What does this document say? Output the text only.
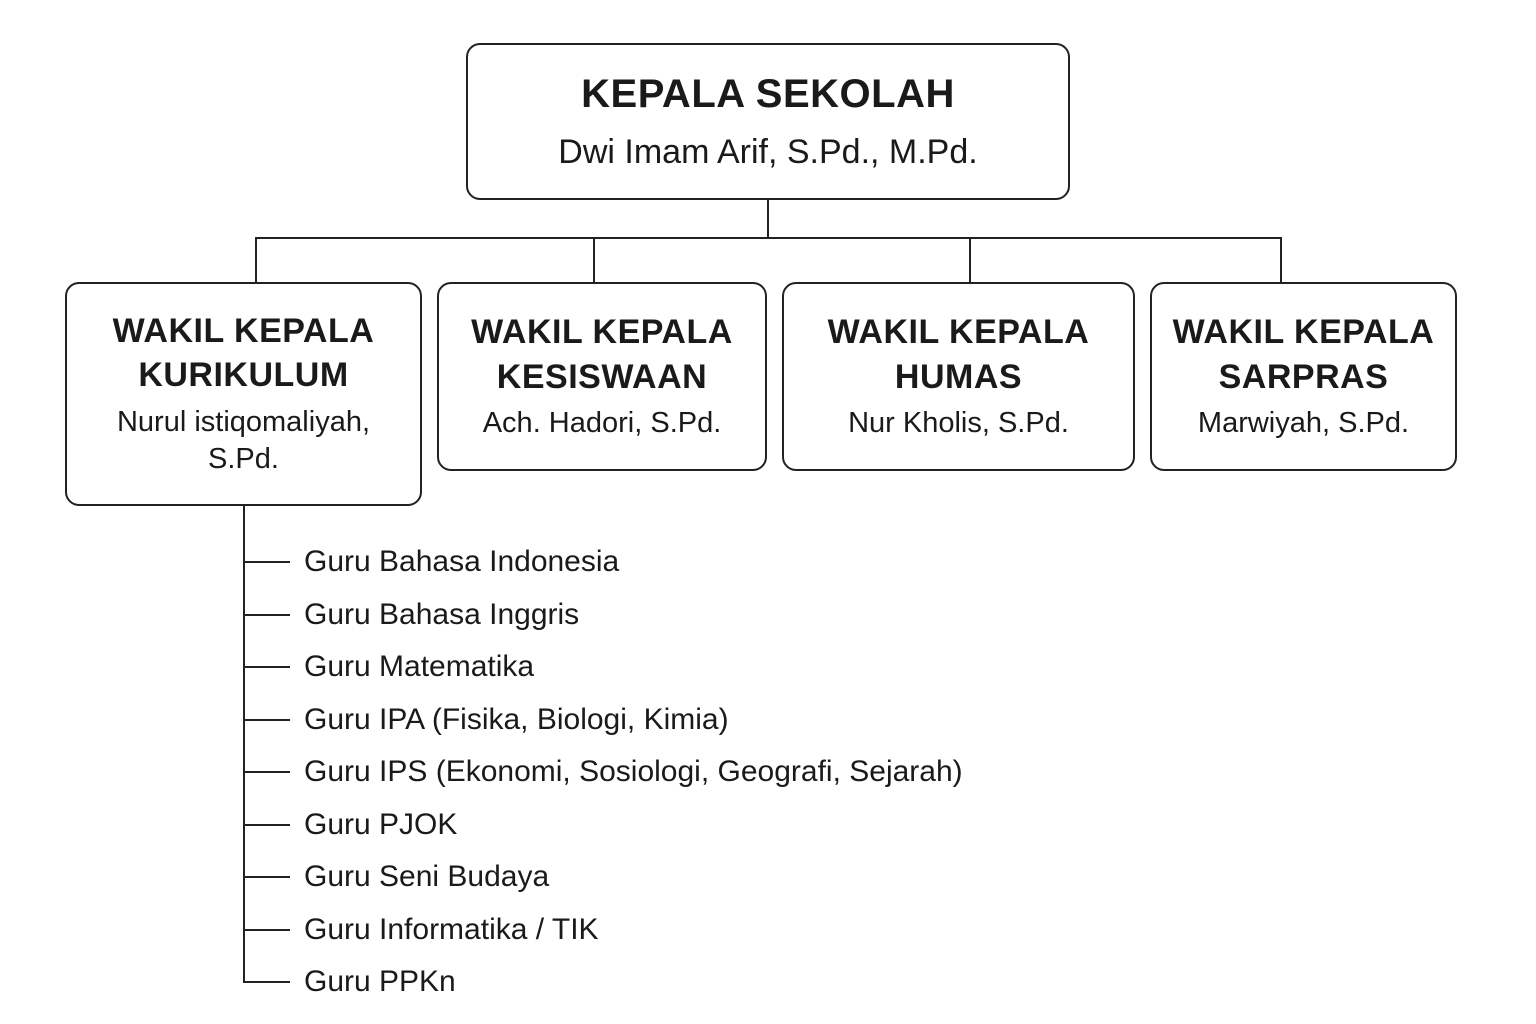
KEPALA SEKOLAH
Dwi Imam Arif, S.Pd., M.Pd.
WAKIL KEPALA
KURIKULUM
Nurul istiqomaliyah,
S.Pd.
WAKIL KEPALA
KESISWAAN
Ach. Hadori, S.Pd.
WAKIL KEPALA
HUMAS
Nur Kholis, S.Pd.
WAKIL KEPALA
SARPRAS
Marwiyah, S.Pd.
Guru Bahasa Indonesia
Guru Bahasa Inggris
Guru Matematika
Guru IPA (Fisika, Biologi, Kimia)
Guru IPS (Ekonomi, Sosiologi, Geografi, Sejarah)
Guru PJOK
Guru Seni Budaya
Guru Informatika / TIK
Guru PPKn
